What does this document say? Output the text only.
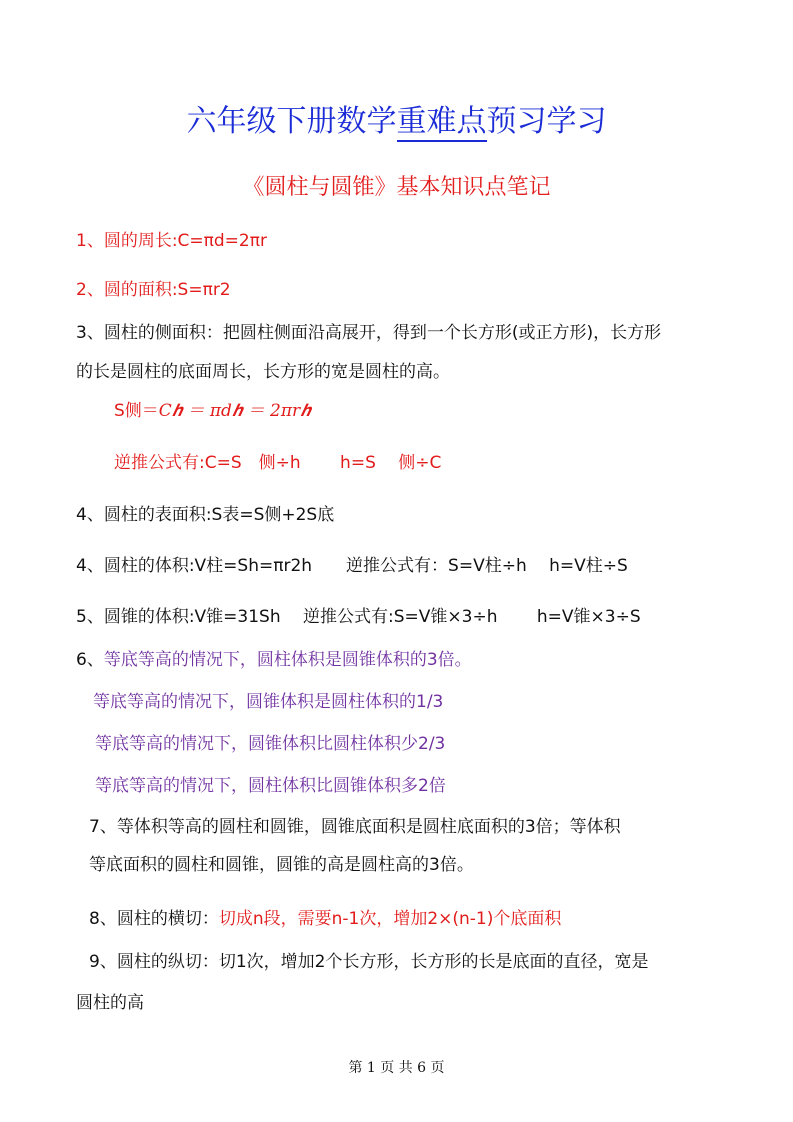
六年级下册数学重难点预习学习
《圆柱与圆锥》基本知识点笔记
1、圆的周长:C=πd=2πr
2、圆的面积:S=πr2
3、圆柱的侧面积：把圆柱侧面沿高展开，得到一个长方形(或正方形)，长方形
的长是圆柱的底面周长，长方形的宽是圆柱的高。
S侧＝C𝒉 ＝ πd𝒉 ＝ 2πr𝒉
逆推公式有:C=S　侧÷h　　 h=S　 侧÷C
4、圆柱的表面积:S表=S侧+2S底
4、圆柱的体积:V柱=Sh=πr2h　　逆推公式有：S=V柱÷h　 h=V柱÷S
5、圆锥的体积:V锥=31Sh　 逆推公式有:S=V锥×3÷h　　 h=V锥×3÷S
6、等底等高的情况下，圆柱体积是圆锥体积的3倍。
等底等高的情况下，圆锥体积是圆柱体积的1/3
等底等高的情况下，圆锥体积比圆柱体积少2/3
等底等高的情况下，圆柱体积比圆锥体积多2倍
7、等体积等高的圆柱和圆锥，圆锥底面积是圆柱底面积的3倍；等体积
等底面积的圆柱和圆锥，圆锥的高是圆柱高的3倍。
8、圆柱的横切：切成n段，需要n-1次，增加2×(n-1)个底面积
9、圆柱的纵切：切1次，增加2个长方形，长方形的长是底面的直径，宽是
圆柱的高
第 1 页 共 6 页
